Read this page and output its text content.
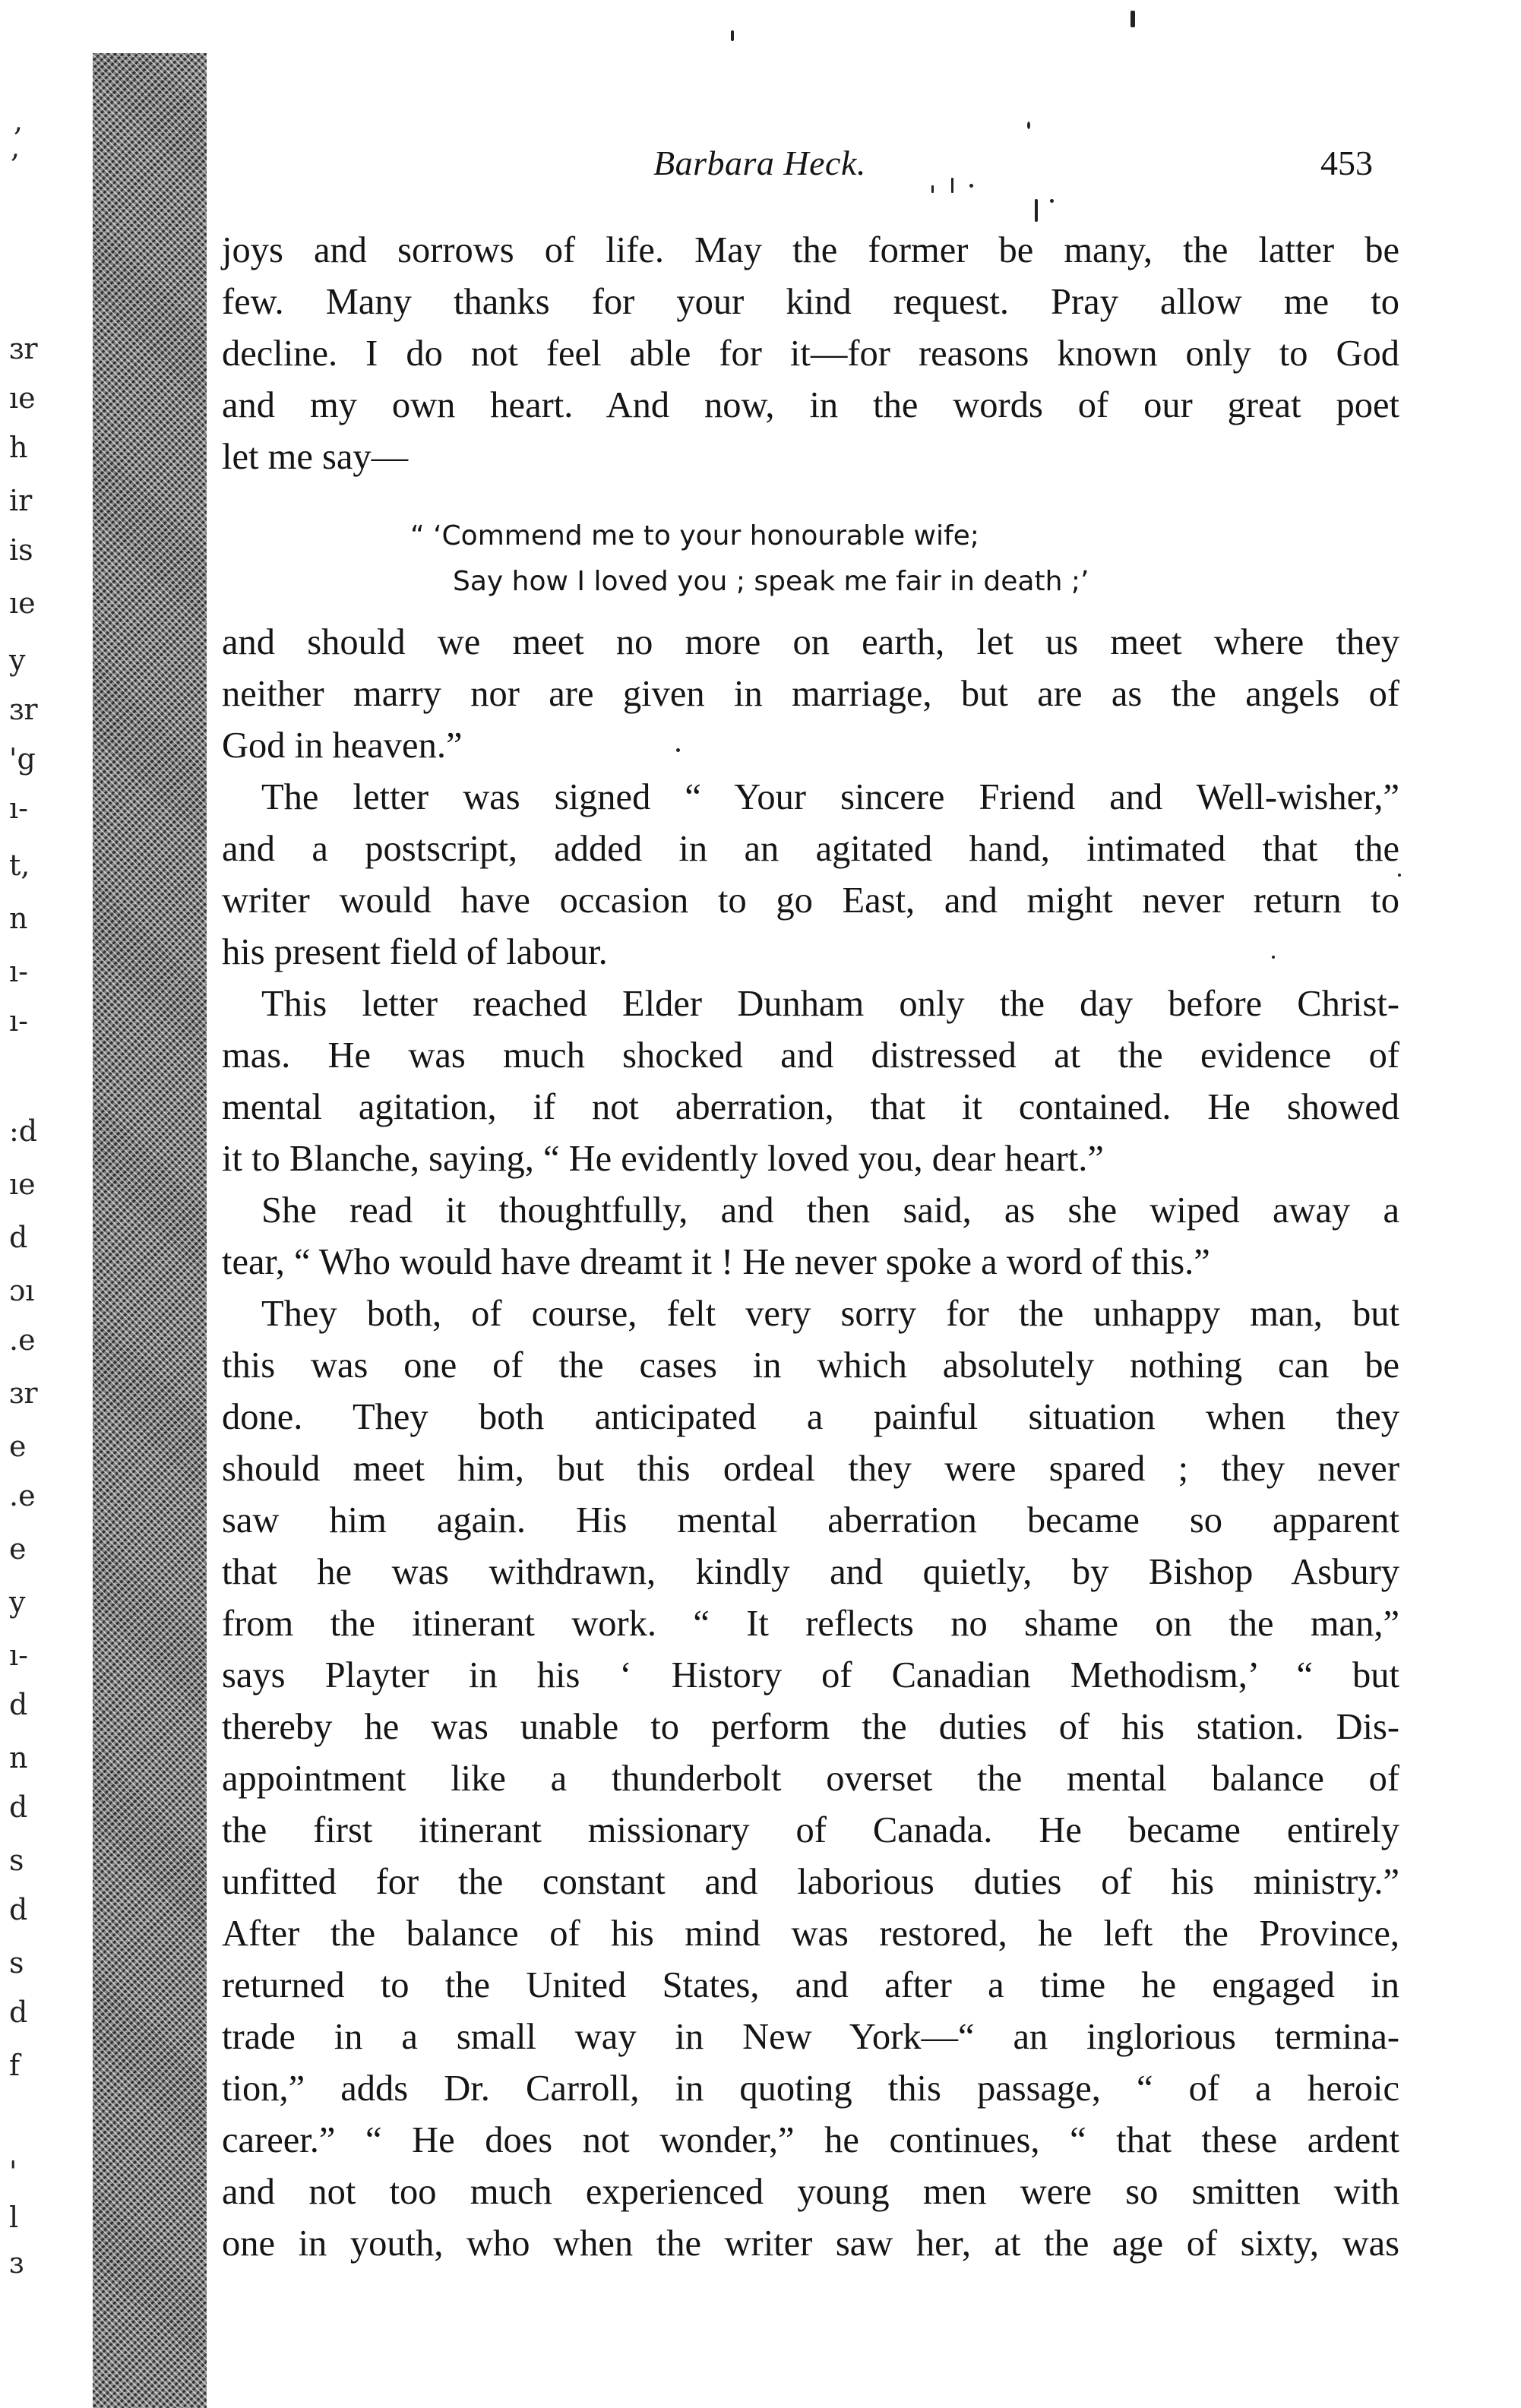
,
,
ɜr
ıe
h
ir
is
ıe
y
ɜr
'g
ı-
t,
n
ı-
ı-
:d
ıe
d
ɔı
.e
ɜr
e
.e
e
y
ı-
d
n
d
s
d
s
d
f
'
l
ɜ
Barbara Heck.	453
joys and sorrows of life. May the former be many, the latter be
few. Many thanks for your kind request. Pray allow me to
decline. I do not feel able for it—for reasons known only to God
and my own heart. And now, in the words of our great poet
let me say—
and should we meet no more on earth, let us meet where they
neither marry nor are given in marriage, but are as the angels of
God in heaven.”
The letter was signed “ Your sincere Friend and Well-wisher,”
and a postscript, added in an agitated hand, intimated that the
writer would have occasion to go East, and might never return to
his present field of labour.
This letter reached Elder Dunham only the day before Christ-
mas. He was much shocked and distressed at the evidence of
mental agitation, if not aberration, that it contained. He showed
it to Blanche, saying, “ He evidently loved you, dear heart.”
She read it thoughtfully, and then said, as she wiped away a
tear, “ Who would have dreamt it ! He never spoke a word of this.”
They both, of course, felt very sorry for the unhappy man, but
this was one of the cases in which absolutely nothing can be
done. They both anticipated a painful situation when they
should meet him, but this ordeal they were spared ; they never
saw him again. His mental aberration became so apparent
that he was withdrawn, kindly and quietly, by Bishop Asbury
from the itinerant work. “ It reflects no shame on the man,”
says Playter in his ‘ History of Canadian Methodism,’ “ but
thereby he was unable to perform the duties of his station. Dis-
appointment like a thunderbolt overset the mental balance of
the first itinerant missionary of Canada. He became entirely
unfitted for the constant and laborious duties of his ministry.”
After the balance of his mind was restored, he left the Province,
returned to the United States, and after a time he engaged in
trade in a small way in New York—“ an inglorious termina-
tion,” adds Dr. Carroll, in quoting this passage, “ of a heroic
career.” “ He does not wonder,” he continues, “ that these ardent
and not too much experienced young men were so smitten with
one in youth, who when the writer saw her, at the age of sixty, was
“ ‘Commend me to your honourable wife;
Say how I loved you ; speak me fair in death ;’
